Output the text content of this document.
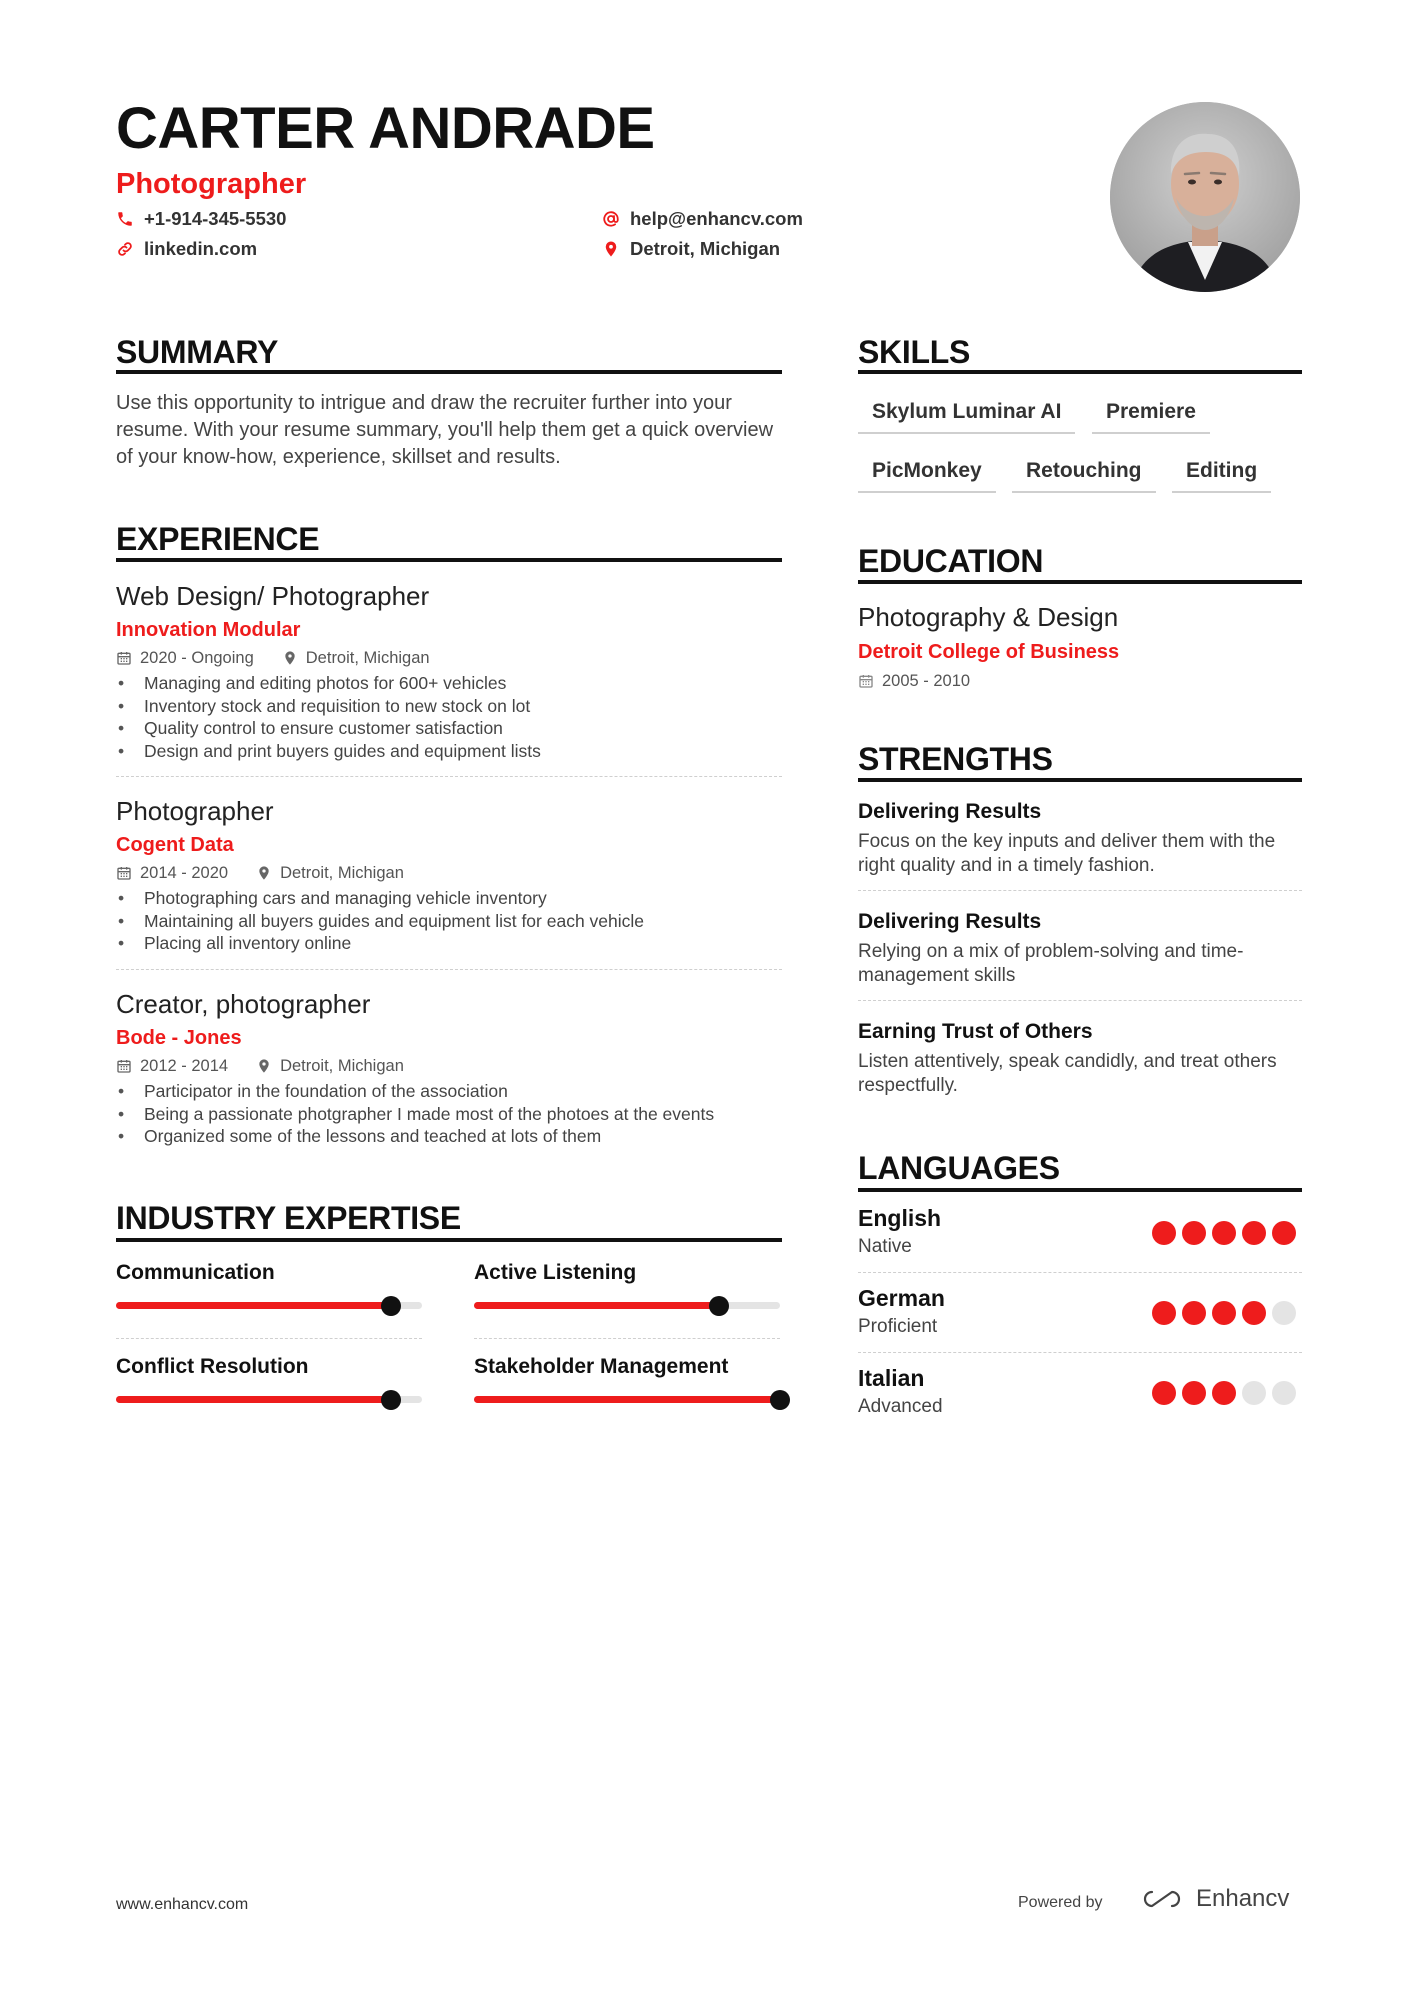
CARTER ANDRADE
Photographer
+1-914-345-5530
linkedin.com
help@enhancv.com
Detroit, Michigan
SUMMARY
Use this opportunity to intrigue and draw the recruiter further into your resume. With your resume summary, you'll help them get a quick overview of your know-how, experience, skillset and results.
EXPERIENCE
Web Design/ Photographer
Innovation Modular
2020 - Ongoing	Detroit, Michigan
• Managing and editing photos for 600+ vehicles
• Inventory stock and requisition to new stock on lot
• Quality control to ensure customer satisfaction
• Design and print buyers guides and equipment lists
Photographer
Cogent Data
2014 - 2020	Detroit, Michigan
• Photographing cars and managing vehicle inventory
• Maintaining all buyers guides and equipment list for each vehicle
• Placing all inventory online
Creator, photographer
Bode - Jones
2012 - 2014	Detroit, Michigan
• Participator in the foundation of the association
• Being a passionate photgrapher I made most of the photoes at the events
• Organized some of the lessons and teached at lots of them
INDUSTRY EXPERTISE
Communication	Active Listening
Conflict Resolution	Stakeholder Management
SKILLS
Skylum Luminar AI	Premiere
PicMonkey	Retouching	Editing
EDUCATION
Photography & Design
Detroit College of Business
2005 - 2010
STRENGTHS
Delivering Results
Focus on the key inputs and deliver them with the right quality and in a timely fashion.
Delivering Results
Relying on a mix of problem-solving and time-management skills
Earning Trust of Others
Listen attentively, speak candidly, and treat others respectfully.
LANGUAGES
English
Native
German
Proficient
Italian
Advanced
www.enhancv.com	Powered by	Enhancv
